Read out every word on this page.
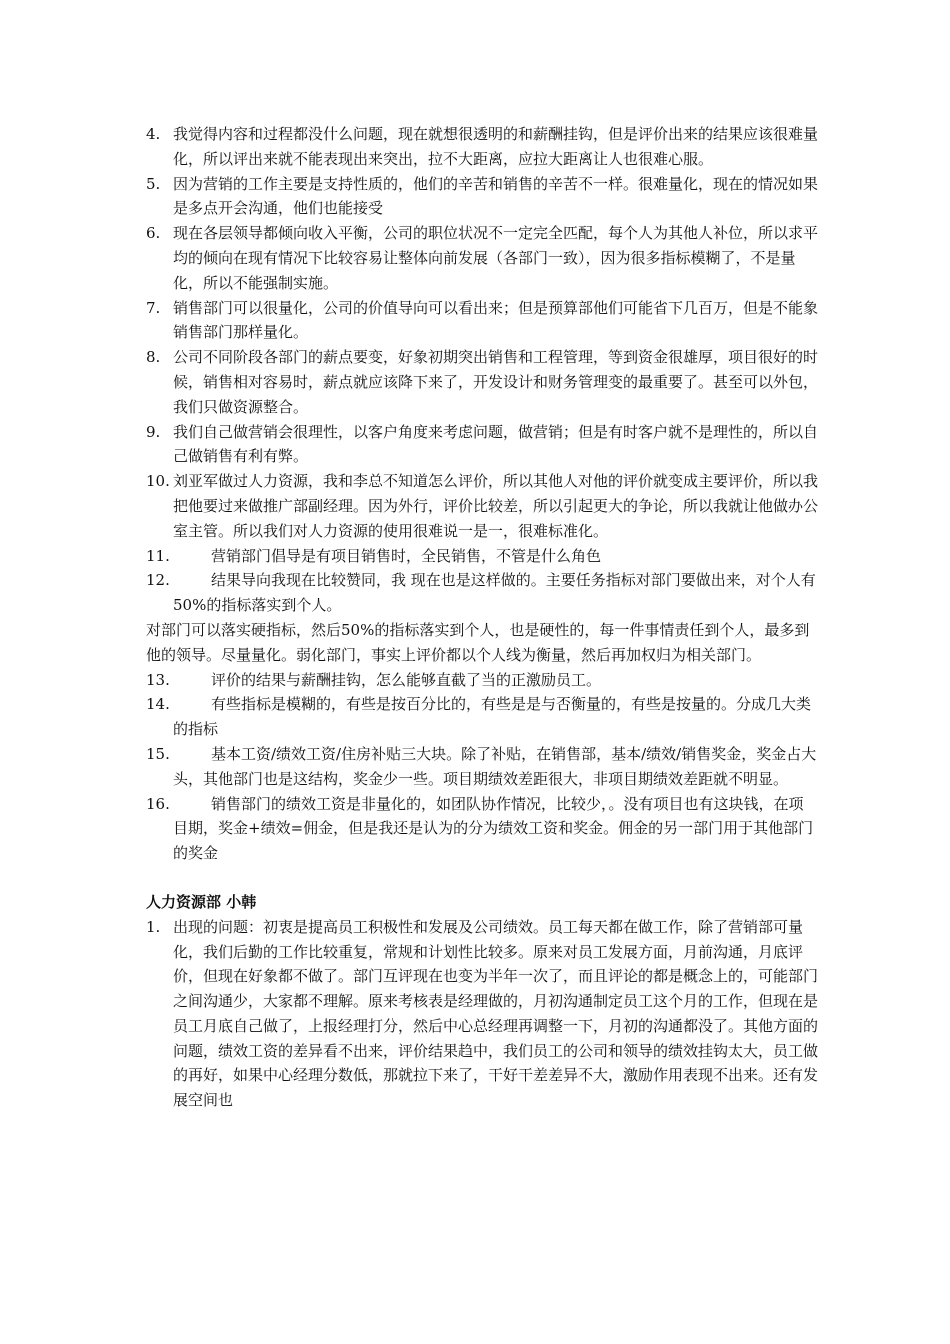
4. 我觉得内容和过程都没什么问题，现在就想很透明的和薪酬挂钩，但是评价出来的结果应该很难量化，所以评出来就不能表现出来突出，拉不大距离，应拉大距离让人也很难心服。
5. 因为营销的工作主要是支持性质的，他们的辛苦和销售的辛苦不一样。很难量化，现在的情况如果是多点开会沟通，他们也能接受
6. 现在各层领导都倾向收入平衡，公司的职位状况不一定完全匹配，每个人为其他人补位，所以求平均的倾向在现有情况下比较容易让整体向前发展（各部门一致），因为很多指标模糊了，不是量化，所以不能强制实施。
7. 销售部门可以很量化，公司的价值导向可以看出来；但是预算部他们可能省下几百万，但是不能象销售部门那样量化。
8. 公司不同阶段各部门的薪点要变，好象初期突出销售和工程管理，等到资金很雄厚，项目很好的时候，销售相对容易时，薪点就应该降下来了，开发设计和财务管理变的最重要了。甚至可以外包，我们只做资源整合。
9. 我们自己做营销会很理性，以客户角度来考虑问题，做营销；但是有时客户就不是理性的，所以自己做销售有利有弊。
10. 刘亚军做过人力资源，我和李总不知道怎么评价，所以其他人对他的评价就变成主要评价，所以我把他要过来做推广部副经理。因为外行，评价比较差，所以引起更大的争论，所以我就让他做办公室主管。所以我们对人力资源的使用很难说一是一，很难标准化。
11.	营销部门倡导是有项目销售时，全民销售，不管是什么角色
12.	结果导向我现在比较赞同，我 现在也是这样做的。主要任务指标对部门要做出来，对个人有50%的指标落实到个人。

对部门可以落实硬指标，然后50%的指标落实到个人，也是硬性的，每一件事情责任到个人，最多到他的领导。尽量量化。弱化部门，事实上评价都以个人线为衡量，然后再加权归为相关部门。

13.	评价的结果与薪酬挂钩，怎么能够直截了当的正激励员工。
14.	有些指标是模糊的，有些是按百分比的，有些是是与否衡量的，有些是按量的。分成几大类的指标
15.	基本工资/绩效工资/住房补贴三大块。除了补贴，在销售部，基本/绩效/销售奖金，奖金占大头，其他部门也是这结构，奖金少一些。项目期绩效差距很大，非项目期绩效差距就不明显。
16.	销售部门的绩效工资是非量化的，如团队协作情况，比较少，。没有项目也有这块钱，在项目期，奖金+绩效=佣金，但是我还是认为的分为绩效工资和奖金。佣金的另一部门用于其他部门的奖金

人力资源部 小韩

1. 出现的问题：初衷是提高员工积极性和发展及公司绩效。员工每天都在做工作，除了营销部可量化，我们后勤的工作比较重复，常规和计划性比较多。原来对员工发展方面，月前沟通，月底评价，但现在好象都不做了。部门互评现在也变为半年一次了，而且评论的都是概念上的，可能部门之间沟通少，大家都不理解。原来考核表是经理做的，月初沟通制定员工这个月的工作，但现在是员工月底自己做了，上报经理打分，然后中心总经理再调整一下，月初的沟通都没了。其他方面的问题，绩效工资的差异看不出来，评价结果趋中，我们员工的公司和领导的绩效挂钩太大，员工做的再好，如果中心经理分数低，那就拉下来了，干好干差差异不大，激励作用表现不出来。还有发展空间也
